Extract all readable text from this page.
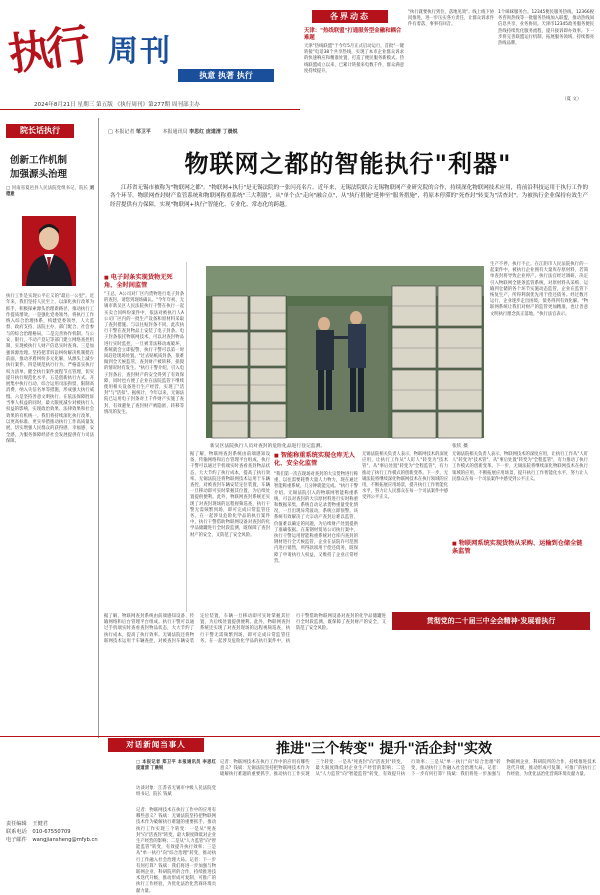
执行 周刊
执意 执著 执行
2024年8月21日 星期三 第五版 《执行周刊》第277期 周刊部主办
各界动态
天津："热线联盟"打通服务型金融和耦合难题
天津"热线联盟"于今年5月正式启动运行，首批"一键转接"电话38个共享热线，实现了本市企业群众诉求的快速响应和精准处置，打造了便民服务新模式。热线联盟成立以来，已累计转接来电数千件，群众满意度持续提升。
"执行就要执行到位，落地见效"。线上线下协同推进，进一步压实各方责任，让群众诉求件件有着落、事事有回音。
1个咪咪服务台。12345便民服务热线，12366税务咨询热线等一批服务热线加入联盟，推动热线间信息共享、业务协同。天津市12345政务服务便民热线持续优化服务流程，提升接诉即办效率。下一步将完善联盟运行机制，拓展服务领域，持续擦亮热线品牌。
（夏 文）
院长话执行
创新工作机制
加强源头治理
□ 河南省夏邑县人民法院党组书记、院长 刘德意
执行工作是实现公平正义的"最后一公里"。近年来，我们坚持人民至上，以深化执行改革为抓手，积极探索源头治理新路径，推动执行工作提质增效。一是强化党委领导。将执行工作纳入综合治理体系，构建党委领导、人大监督、政府支持、法院主办、部门配合、社会参与的综合治理格局。二是完善协作机制。与公安、银行、不动产登记等部门建立网络查控机制，实现被执行人财产信息实时查询。三是加强诉源治理。坚持把非诉讼纠纷解决机制挺在前面，推动矛盾纠纷多元化解，从源头上减少执行案件。四是规范执行行为。严格落实执行权力清单，健全执行案件流程节点管理，切实提升执行规范化水平。五是创新执行方式。开展集中执行行动，综合运用司法拘留、限制高消费、纳入失信名单等措施，形成强大执行威慑。六是坚持善意文明执行。在依法保障胜诉当事人权益的同时，最大限度减少对被执行人权益的影响，实现政治效果、法律效果和社会效果的有机统一。我们将持续深化执行改革，以更高标准、更实举措推动执行工作高质量发展，切实增强人民群众的获得感、幸福感、安全感，为服务保障经济社会发展提供有力司法保障。
□ 本报记者 邹卫平 本报通讯员 李思红 庞道清 丁晨锐
物联网之都的智能执行"利器"
江苏省无锡市被称为"物联网之都"。"物联网+执行"是无锡法院的一张闪亮名片。近年来，无锡法院联合无锡物联网产业研究院的合作，持续深化物联网技术应用，将前沿科技运用于执行工作的各个环节。物联网查封财产监管系统和物联网称重系统"三大利器"，从"单个点"走向"融合点"，从"执行措施"延伸至"服务措施"，将原本停滞的"死查封"转变为"活查封"，为被执行企业保持有效生产经营提供有力保障，实现"物联网+执行"智能化、专业化、常态化的跨越。
■ 电子封条实现货物无死角、全时间监管
"王总，A公司对厂区内货物进行电子封条的查封，请您到现场确认。"今年年初，无锡市新吴区人民法院执行干警在执行一起买卖合同纠纷案件中，依法对被执行人A公司厂区内的一批生产设备和原材料采取了查封措施。与以往贴封条不同，此次执行干警在查封物品上安装了电子封条。电子封条依托物联网技术，可以对查封物品进行实时监控，一旦被非法移动或破坏，系统就会立即报警，执行干警可以第一时间赶赴现场处置。"过去贴纸质封条，很难做到全天候监管，查封财产被转移、损毁的情况时有发生。"执行干警介绍，引入电子封条后，查封财产的安全得到了有效保障，同时也方便了企业在法院监管下继续使用相关设备进行生产经营，实现了"活封"与"活扣"。据统计，今年以来，无锡法院已运用电子封条对上千件财产实施了查封，有效避免了查封财产被隐匿、转移等情况的发生。
新吴区法院执行人员对查封的危险化品进行登记监测。	张钦 摄
据了解，物联网查封系统由前端感知设备、传输网络和后台管理平台组成。执行干警可以通过手机端实时查看查封物品状态，大大节约了执行成本，提高了执行效率。无锡法院还将物联网技术运用于车辆查控，对被查封车辆安装定位装置，车辆一旦移动即可实时掌握其位置，为后续处置提供便利。此外，物联网查封系统还实现了对查封现场的远程视频巡查，执行干警无需频繁到场，即可完成日常监管任务。在一起涉及危险化学品的执行案件中，执行干警借助物联网设备对查封的化学品储罐进行全时段监测，既保障了查封财产的安全，又防范了安全风险。
■ 智能称重系统实现仓库无人化、安全化监管
"我们第一次在现场对查封的大宗货物进行称重，以往需要耗费大量人力物力，现在通过智能称重系统，几分钟就能完成。"执行干警介绍。无锡法院引入的物联网智能称重系统，可以对查封的大宗原材料进行实时称重和数据采集，系统自动记录货物重量变化情况，一旦出现异常波动，系统立即预警。该系统有效解决了大宗动产查封后难以监管、价值难以确定的问题，为后续财产处置提供了准确依据。在某钢材贸易公司执行案中，执行干警运用智能称重系统对仓库内查封的钢材进行全天候监管，企业在法院许可范围内进行销售，所得款项用于偿还债务，既保障了申请执行人权益，又维持了企业正常经营。
无锡法院相关负责人表示，物联网技术的深度应用，让执行工作从"人盯人"转变为"技术管"，从"事后处置"转变为"全程监管"，有力推动了执行工作模式的创新变革。下一步，无锡法院将继续深化物联网技术在执行领域的应用，不断拓展应用场景，提升执行工作智能化水平，努力让人民群众在每一个司法案件中感受到公平正义。
生产不停，执行不止。在江阴市人民法院执行的一起案件中，被执行企业拥有大量库存原材料，若简单查封将导致企业停产。执行法官经过调研，决定引入物联网全链条监管系统，对原材料从采购、运输到仓储的各个环节实施动态监管，企业在监管下恢复生产，所得利润优先用于偿还债务。经过数月运行，企业逐步走出困境，债务得到有效化解。"物联网系统让我们对财产的监管更加精准，也让善意文明执行理念真正落地。"执行法官表示。
■ 物联网系统实现货物从采购、运输到仓储全链条监管
无锡法院相关负责人表示，物联网技术的深度应用，让执行工作从"人盯人"转变为"技术管"，从"事后处置"转变为"全程监管"，有力推动了执行工作模式的创新变革。下一步，无锡法院将继续深化物联网技术在执行领域的应用，不断拓展应用场景，提升执行工作智能化水平，努力让人民群众在每一个司法案件中感受到公平正义。
贯彻党的二十届三中全会精神·发展看执行
据了解，物联网查封系统由前端感知设备、传输网络和后台管理平台组成。执行干警可以通过手机端实时查看查封物品状态，大大节约了执行成本，提高了执行效率。无锡法院还将物联网技术运用于车辆查控，对被查封车辆安装定位装置，车辆一旦移动即可实时掌握其位置，为后续处置提供便利。此外，物联网查封系统还实现了对查封现场的远程视频巡查，执行干警无需频繁到场，即可完成日常监管任务。在一起涉及危险化学品的执行案件中，执行干警借助物联网设备对查封的化学品储罐进行全时段监测，既保障了查封财产的安全，又防范了安全风险。
对话新闻当事人	推进"三个转变" 提升"活企封"实效
□ 本报记者 郑卫平 本报通讯员 李思红 庞道清 丁晨锐
访谈对象：江苏省无锡市中级人民法院党组书记、院长 钱斌
记者：物联网技术在执行工作中的应用有哪些意义？钱斌：无锡法院坚持把物联网技术作为破解执行难题的重要抓手，推动执行工作实现三个转变：一是从"死查封"向"活查封"转变，最大限度降低对企业生产经营的影响；二是从"人力监管"向"智能监管"转变，有效提升执行效率；三是从"单一执行"向"综合治理"转变，推动执行工作融入社会治理大局。记者：下一步有何打算？钱斌：我们将进一步加强与物联网企业、科研院所的合作，持续推进技术迭代升级，推动形成可复制、可推广的执行工作经验，为优化法治化营商环境贡献力量。
记者：物联网技术在执行工作中的应用有哪些意义？钱斌：无锡法院坚持把物联网技术作为破解执行难题的重要抓手，推动执行工作实现三个转变：一是从"死查封"向"活查封"转变，最大限度降低对企业生产经营的影响；二是从"人力监管"向"智能监管"转变，有效提升执行效率；三是从"单一执行"向"综合治理"转变，推动执行工作融入社会治理大局。记者：下一步有何打算？钱斌：我们将进一步加强与物联网企业、科研院所的合作，持续推进技术迭代升级，推动形成可复制、可推广的执行工作经验，为优化法治化营商环境贡献力量。
责任编辑 王健君
联系电话 010-67550709
电子邮件 wangjiansheng@mfyb.cn
